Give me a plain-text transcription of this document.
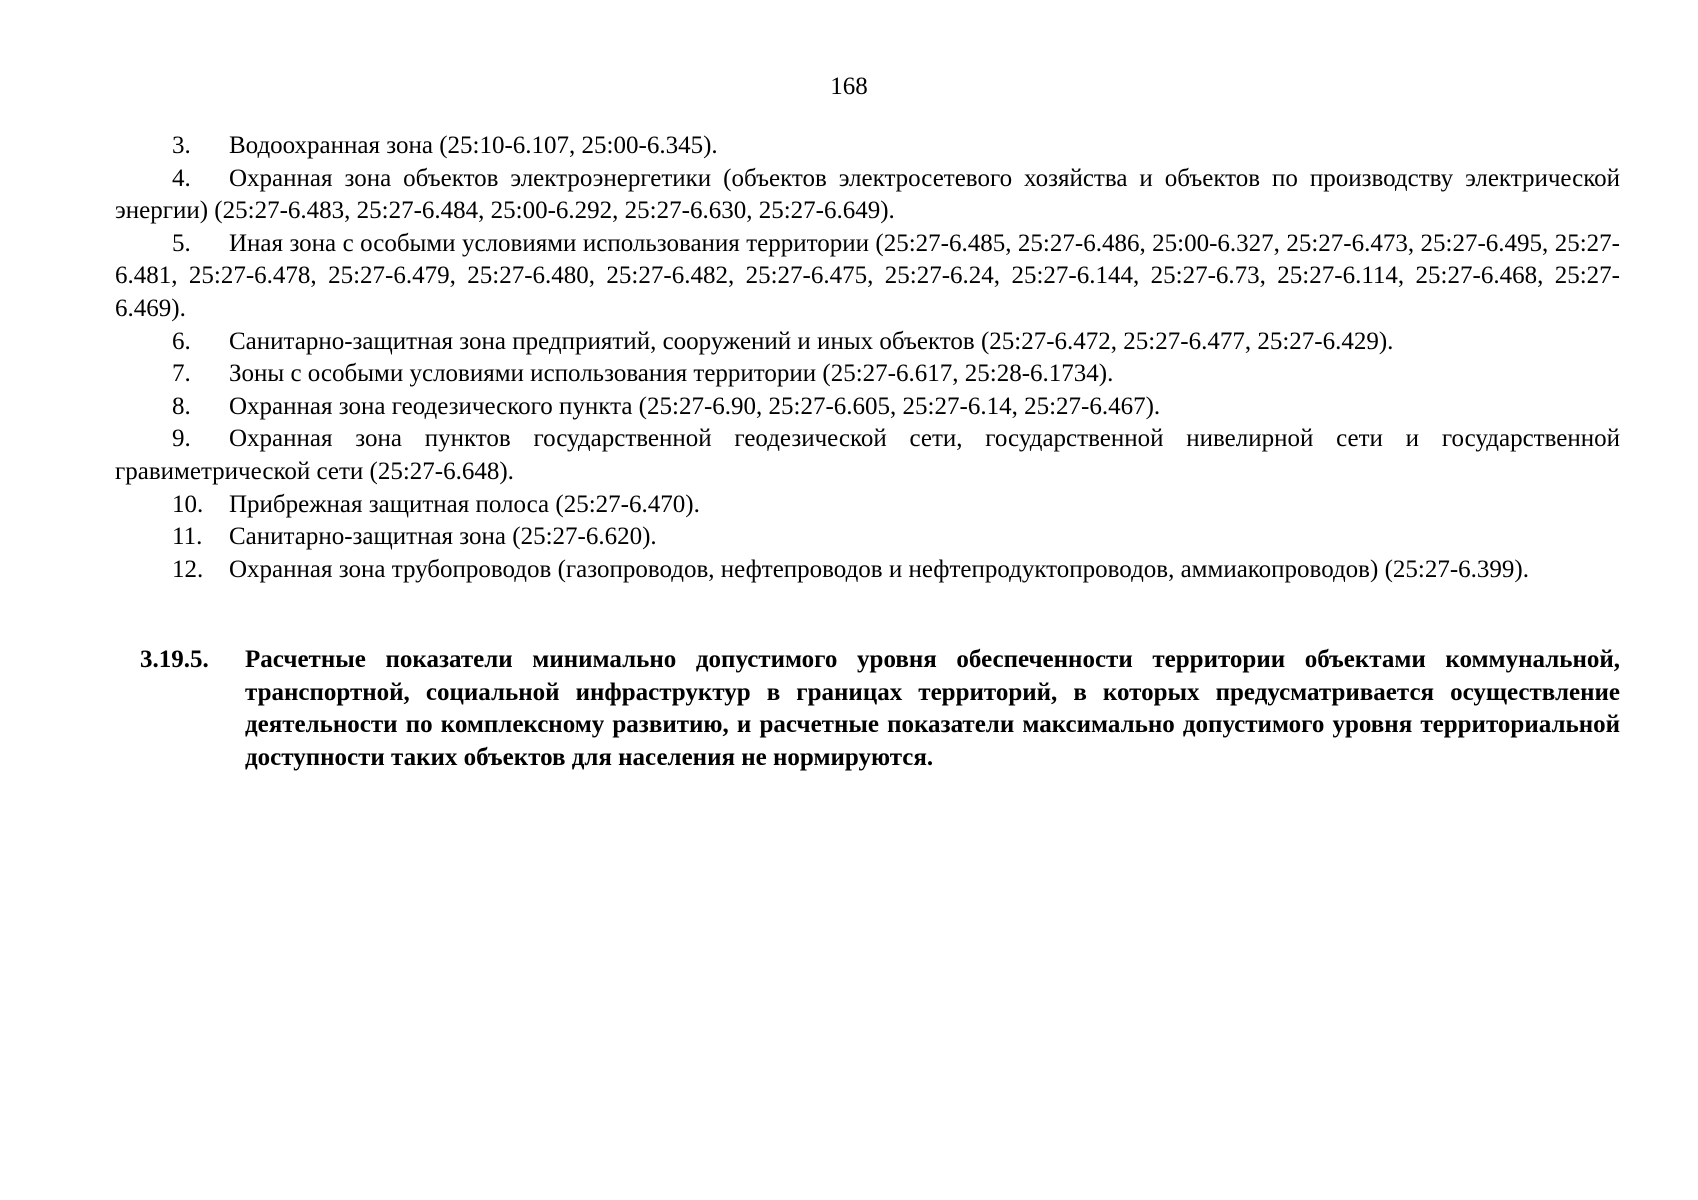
168

3. Водоохранная зона (25:10-6.107, 25:00-6.345).

4. Охранная зона объектов электроэнергетики (объектов электросетевого хозяйства и объектов по производству электрической энергии) (25:27-6.483, 25:27-6.484, 25:00-6.292, 25:27-6.630, 25:27-6.649).

5. Иная зона с особыми условиями использования территории (25:27-6.485, 25:27-6.486, 25:00-6.327, 25:27-6.473, 25:27-6.495, 25:27-6.481, 25:27-6.478, 25:27-6.479, 25:27-6.480, 25:27-6.482, 25:27-6.475, 25:27-6.24, 25:27-6.144, 25:27-6.73, 25:27-6.114, 25:27-6.468, 25:27-6.469).

6. Санитарно-защитная зона предприятий, сооружений и иных объектов (25:27-6.472, 25:27-6.477, 25:27-6.429).

7. Зоны с особыми условиями использования территории (25:27-6.617, 25:28-6.1734).

8. Охранная зона геодезического пункта (25:27-6.90, 25:27-6.605, 25:27-6.14, 25:27-6.467).

9. Охранная зона пунктов государственной геодезической сети, государственной нивелирной сети и государственной гравиметрической сети (25:27-6.648).

10. Прибрежная защитная полоса (25:27-6.470).

11. Санитарно-защитная зона (25:27-6.620).

12. Охранная зона трубопроводов (газопроводов, нефтепроводов и нефтепродуктопроводов, аммиакопроводов) (25:27-6.399).

3.19.5. Расчетные показатели минимально допустимого уровня обеспеченности территории объектами коммунальной, транспортной, социальной инфраструктур в границах территорий, в которых предусматривается осуществление деятельности по комплексному развитию, и расчетные показатели максимально допустимого уровня территориальной доступности таких объектов для населения не нормируются.
